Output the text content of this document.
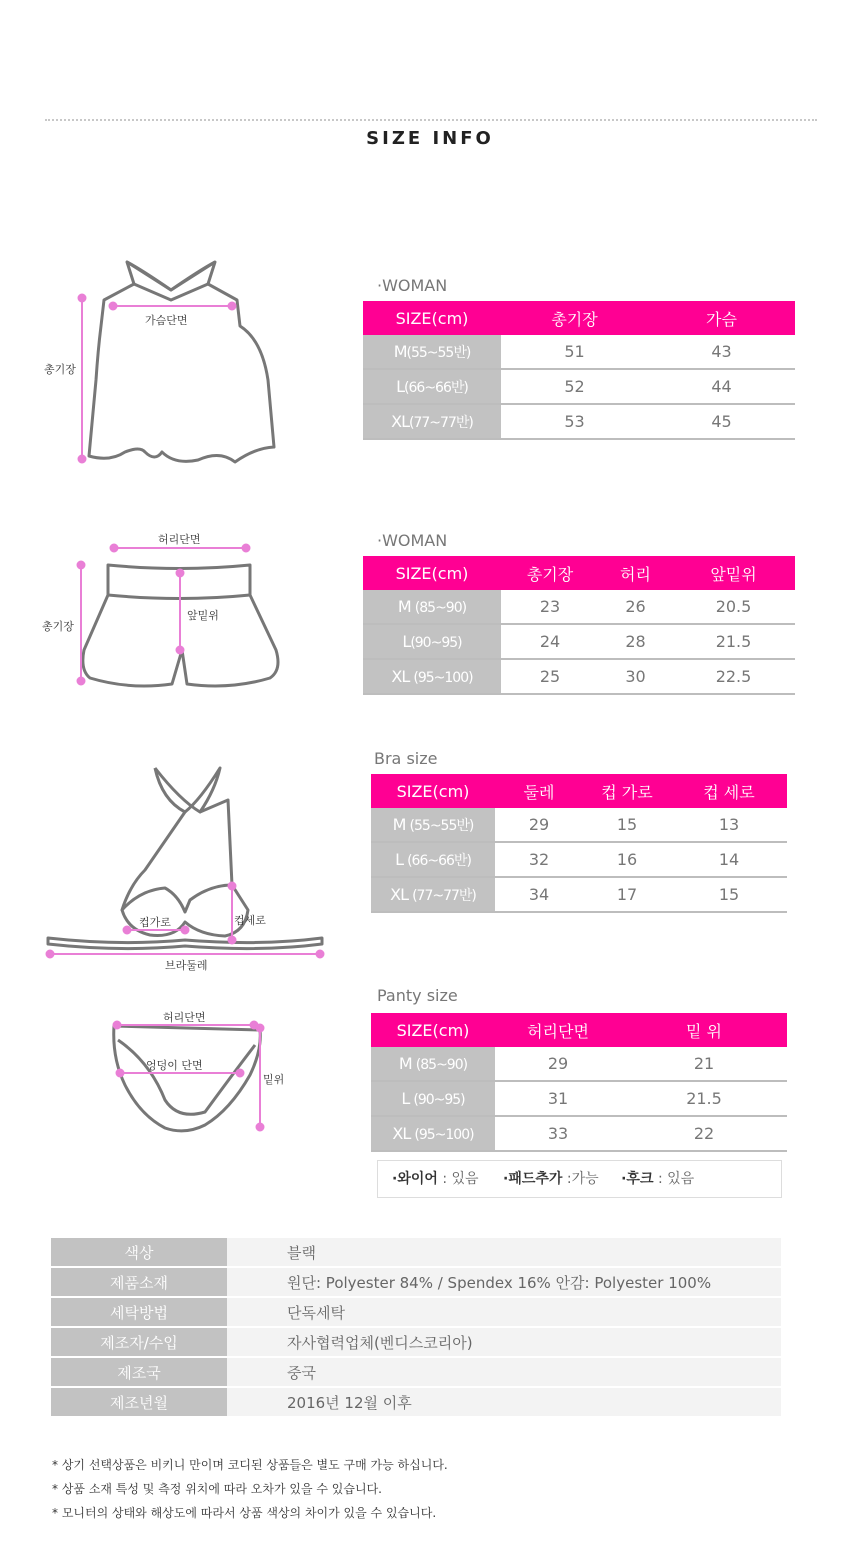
SIZE INFO
총기장
가슴단면
허리단면
총기장
앞밑위
컵가로	컵세로
브라둘레
허리단면
엉덩이 단면
밑위
·WOMAN
SIZE(cm)	총기장	가슴
M(55~55반)	51	43
L(66~66반)	52	44
XL(77~77반)	53	45
·WOMAN
SIZE(cm)	총기장	허리	앞밑위
M (85~90)	23	26	20.5
L(90~95)	24	28	21.5
XL (95~100)	25	30	22.5
Bra size
SIZE(cm)	둘레	컵 가로	컵 세로
M (55~55반)	29	15	13
L (66~66반)	32	16	14
XL (77~77반)	34	17	15
Panty size
SIZE(cm)	허리단면	밑 위
M (85~90)	29	21
L (90~95)	31	21.5
XL (95~100)	33	22
·와이어 : 있음 ·패드추가 :가능 ·후크 : 있음
색상	블랙
제품소재	원단: Polyester 84% / Spendex 16% 안감: Polyester 100%
세탁방법	단독세탁
제조자/수입	자사협력업체(벤디스코리아)
제조국	중국
제조년월	2016년 12월 이후
* 상기 선택상품은 비키니 만이며 코디된 상품들은 별도 구매 가능 하십니다.
* 상품 소재 특성 및 측정 위치에 따라 오차가 있을 수 있습니다.
* 모니터의 상태와 해상도에 따라서 상품 색상의 차이가 있을 수 있습니다.
